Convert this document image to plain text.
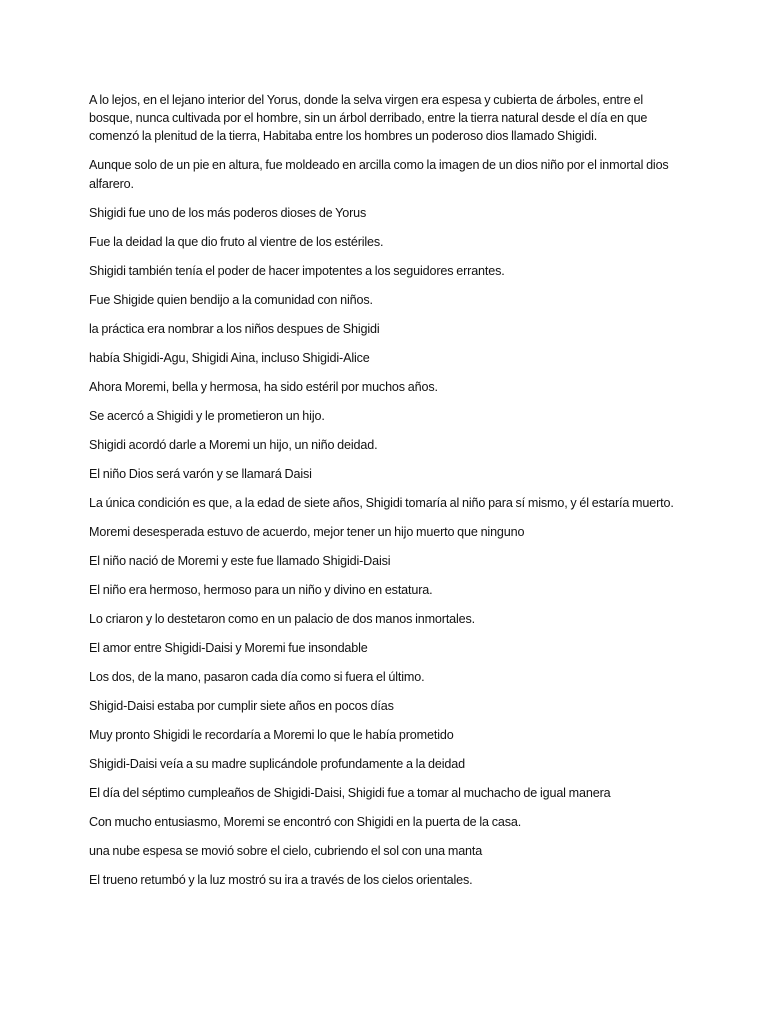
A lo lejos, en el lejano interior del Yorus, donde la selva virgen era espesa y cubierta de árboles, entre el bosque, nunca cultivada por el hombre, sin un árbol derribado, entre la tierra natural desde el día en que comenzó la plenitud de la tierra, Habitaba entre los hombres un poderoso dios llamado Shigidi.

Aunque solo de un pie en altura, fue moldeado en arcilla como la imagen de un dios niño por el inmortal dios alfarero.

Shigidi fue uno de los más poderos dioses de Yorus

Fue la deidad la que dio fruto al vientre de los estériles.

Shigidi también tenía el poder de hacer impotentes a los seguidores errantes.

Fue Shigide quien bendijo a la comunidad con niños.

la práctica era nombrar a los niños despues de Shigidi

había Shigidi-Agu, Shigidi Aina, incluso Shigidi-Alice

Ahora Moremi, bella y hermosa, ha sido estéril por muchos años.

Se acercó a Shigidi y le prometieron un hijo.

Shigidi acordó darle a Moremi un hijo, un niño deidad.

El niño Dios será varón y se llamará Daisi

La única condición es que, a la edad de siete años, Shigidi tomaría al niño para sí mismo, y él estaría muerto.

Moremi desesperada estuvo de acuerdo, mejor tener un hijo muerto que ninguno

El niño nació de Moremi y este fue llamado Shigidi-Daisi

El niño era hermoso, hermoso para un niño y divino en estatura.

Lo criaron y lo destetaron como en un palacio de dos manos inmortales.

El amor entre Shigidi-Daisi y Moremi fue insondable

Los dos, de la mano, pasaron cada día como si fuera el último.

Shigid-Daisi estaba por cumplir siete años en pocos días

Muy pronto Shigidi le recordaría a Moremi lo que le había prometido

Shigidi-Daisi veía a su madre suplicándole profundamente a la deidad

El día del séptimo cumpleaños de Shigidi-Daisi, Shigidi fue a tomar al muchacho de igual manera

Con mucho entusiasmo, Moremi se encontró con Shigidi en la puerta de la casa.

una nube espesa se movió sobre el cielo, cubriendo el sol con una manta

El trueno retumbó y la luz mostró su ira a través de los cielos orientales.
